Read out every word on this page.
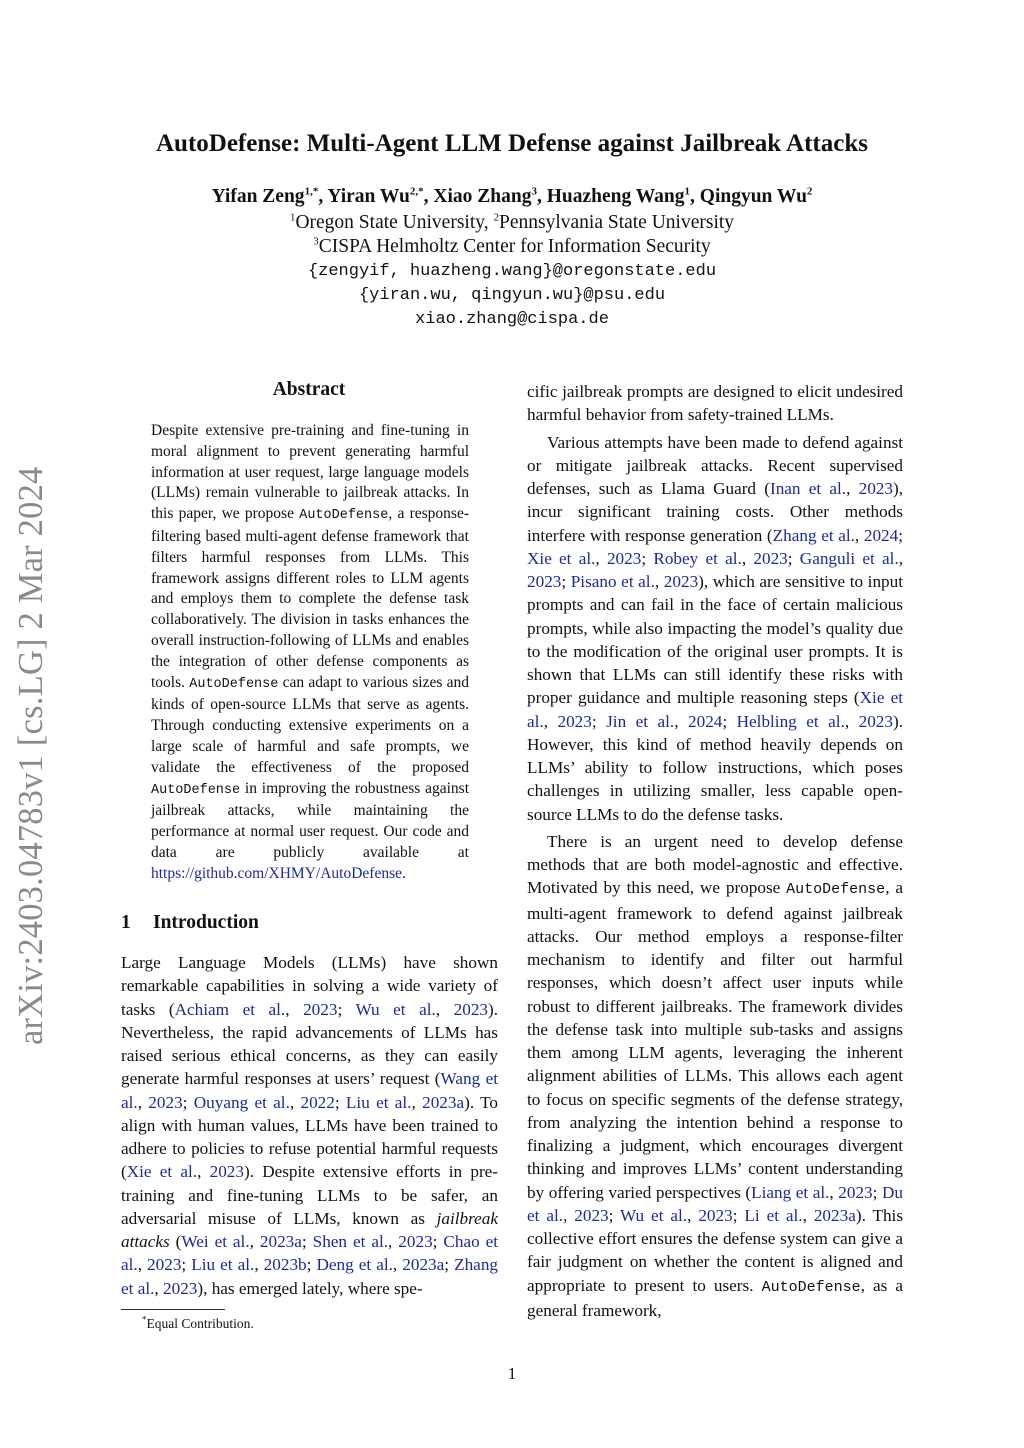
arXiv:2403.04783v1 [cs.LG] 2 Mar 2024
AutoDefense: Multi-Agent LLM Defense against Jailbreak Attacks
Yifan Zeng$^{1,*}$, Yiran $Wu^{2,*}$, Xiao Zhang$^3$, Huazheng Wang$^1$, Qingyun Wu$^2$
$^1$Oregon State University, $^2$Pennsylvania State University
$^3$CISPA Helmholtz Center for Information Security
{zengyif, huazheng.wang}@oregonstate.edu
{yiran.wu, qingyun.wu}@psu.edu
xiao.zhang@cispa.de
Abstract
Despite extensive pre-training and fine-tuning in moral alignment to prevent generating harmful information at user request, large language models (LLMs) remain vulnerable to jailbreak attacks. In this paper, we propose AutoDefense, a response-filtering based multi-agent defense framework that filters harmful responses from LLMs. This framework assigns different roles to LLM agents and employs them to complete the defense task collaboratively. The division in tasks enhances the overall instruction-following of LLMs and enables the integration of other defense components as tools. AutoDefense can adapt to various sizes and kinds of open-source LLMs that serve as agents. Through conducting extensive experiments on a large scale of harmful and safe prompts, we validate the effectiveness of the proposed AutoDefense in improving the robustness against jailbreak attacks, while maintaining the performance at normal user request. Our code and data are publicly available at https://github.com/XHMY/AutoDefense.
1 Introduction
Large Language Models (LLMs) have shown remarkable capabilities in solving a wide variety of tasks (Achiam et al., 2023; Wu et al., 2023). Nevertheless, the rapid advancements of LLMs has raised serious ethical concerns, as they can easily generate harmful responses at users’ request (Wang et al., 2023; Ouyang et al., 2022; Liu et al., 2023a). To align with human values, LLMs have been trained to adhere to policies to refuse potential harmful requests (Xie et al., 2023). Despite extensive efforts in pre-training and fine-tuning LLMs to be safer, an adversarial misuse of LLMs, known as jailbreak attacks (Wei et al., 2023a; Shen et al., 2023; Chao et al., 2023; Liu et al., 2023b; Deng et al., 2023a; Zhang et al., 2023), has emerged lately, where spe-

cific jailbreak prompts are designed to elicit undesired harmful behavior from safety-trained LLMs.

Various attempts have been made to defend against or mitigate jailbreak attacks. Recent supervised defenses, such as Llama Guard (Inan et al., 2023), incur significant training costs. Other methods interfere with response generation (Zhang et al., 2024; Xie et al., 2023; Robey et al., 2023; Ganguli et al., 2023; Pisano et al., 2023), which are sensitive to input prompts and can fail in the face of certain malicious prompts, while also impacting the model’s quality due to the modification of the original user prompts. It is shown that LLMs can still identify these risks with proper guidance and multiple reasoning steps (Xie et al., 2023; Jin et al., 2024; Helbling et al., 2023). However, this kind of method heavily depends on LLMs’ ability to follow instructions, which poses challenges in utilizing smaller, less capable open-source LLMs to do the defense tasks.

There is an urgent need to develop defense methods that are both model-agnostic and effective. Motivated by this need, we propose AutoDefense, a multi-agent framework to defend against jailbreak attacks. Our method employs a response-filter mechanism to identify and filter out harmful responses, which doesn’t affect user inputs while robust to different jailbreaks. The framework divides the defense task into multiple sub-tasks and assigns them among LLM agents, leveraging the inherent alignment abilities of LLMs. This allows each agent to focus on specific segments of the defense strategy, from analyzing the intention behind a response to finalizing a judgment, which encourages divergent thinking and improves LLMs’ content understanding by offering varied perspectives (Liang et al., 2023; Du et al., 2023; Wu et al., 2023; Li et al., 2023a). This collective effort ensures the defense system can give a fair judgment on whether the content is aligned and appropriate to present to users. AutoDefense, as a general framework,

*Equal Contribution.
1
